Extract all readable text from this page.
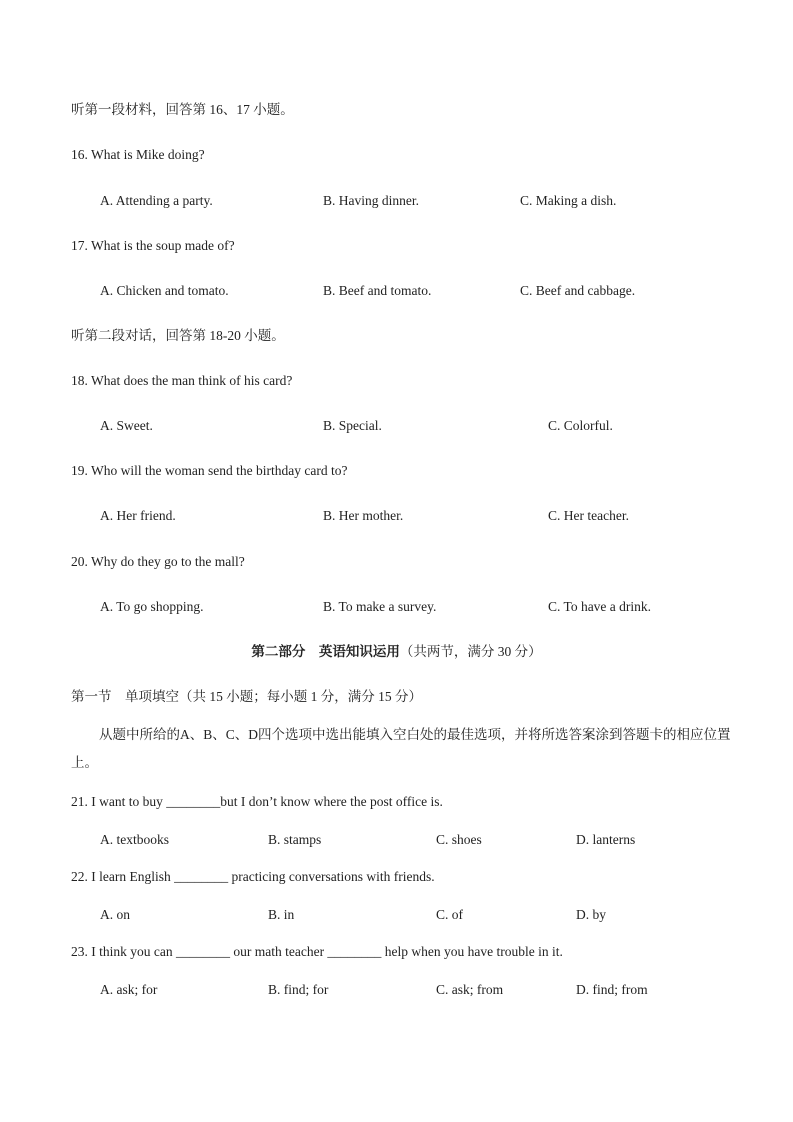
听第一段材料，回答第 16、17 小题。
16. What is Mike doing?
A. Attending a party.	B. Having dinner.	C. Making a dish.
17. What is the soup made of?
A. Chicken and tomato.	B. Beef and tomato.	C. Beef and cabbage.
听第二段对话，回答第 18-20 小题。
18. What does the man think of his card?
A. Sweet.	B. Special.	C. Colorful.
19. Who will the woman send the birthday card to?
A. Her friend.	B. Her mother.	C. Her teacher.
20. Why do they go to the mall?
A. To go shopping.	B. To make a survey.	C. To have a drink.
第二部分　英语知识运用（共两节，满分 30 分）
第一节　单项填空（共 15 小题；每小题 1 分，满分 15 分）
从题中所给的A、B、C、D四个选项中选出能填入空白处的最佳选项，并将所选答案涂到答题卡的相应位置上。
21. I want to buy ________but I don’t know where the post office is.
A. textbooks	B. stamps	C. shoes	D. lanterns
22. I learn English ________ practicing conversations with friends.
A. on	B. in	C. of	D. by
23. I think you can ________ our math teacher ________ help when you have trouble in it.
A. ask; for	B. find; for	C. ask; from	D. find; from
